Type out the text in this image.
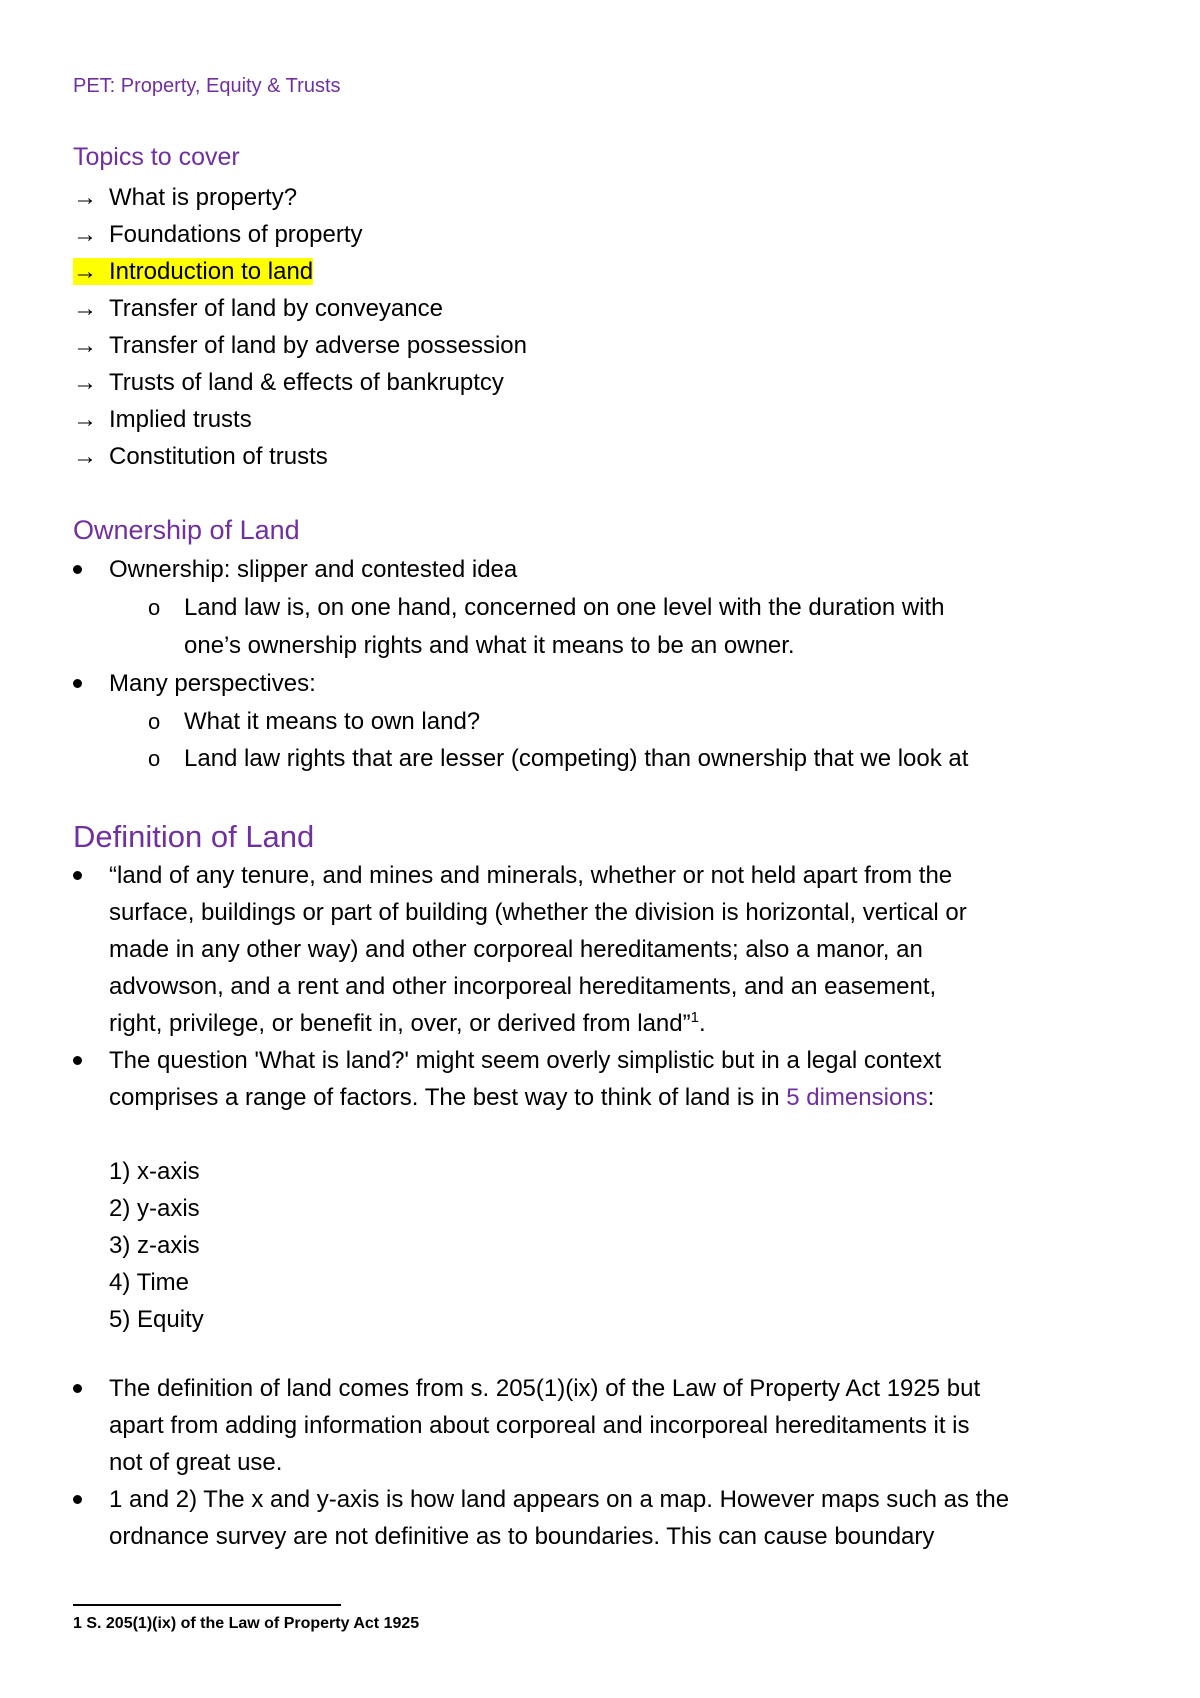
PET: Property, Equity & Trusts
Topics to cover
→ What is property?
→ Foundations of property
→ Introduction to land
→ Transfer of land by conveyance
→ Transfer of land by adverse possession
→ Trusts of land & effects of bankruptcy
→ Implied trusts
→ Constitution of trusts
Ownership of Land
Ownership: slipper and contested idea
o Land law is, on one hand, concerned on one level with the duration with
one’s ownership rights and what it means to be an owner.
Many perspectives:
o What it means to own land?
o Land law rights that are lesser (competing) than ownership that we look at
Definition of Land
“land of any tenure, and mines and minerals, whether or not held apart from the
surface, buildings or part of building (whether the division is horizontal, vertical or
made in any other way) and other corporeal hereditaments; also a manor, an
advowson, and a rent and other incorporeal hereditaments, and an easement,
right, privilege, or benefit in, over, or derived from land”$^1$.
The question 'What is land?' might seem overly simplistic but in a legal context
comprises a range of factors. The best way to think of land is in 5 dimensions:
1) x-axis
2) y-axis
3) z-axis
4) Time
5) Equity
The definition of land comes from s. 205(1)(ix) of the Law of Property Act 1925 but
apart from adding information about corporeal and incorporeal hereditaments it is
not of great use.
1 and 2) The x and y-axis is how land appears on a map. However maps such as the
ordnance survey are not definitive as to boundaries. This can cause boundary
1 S. 205(1)(ix) of the Law of Property Act 1925
